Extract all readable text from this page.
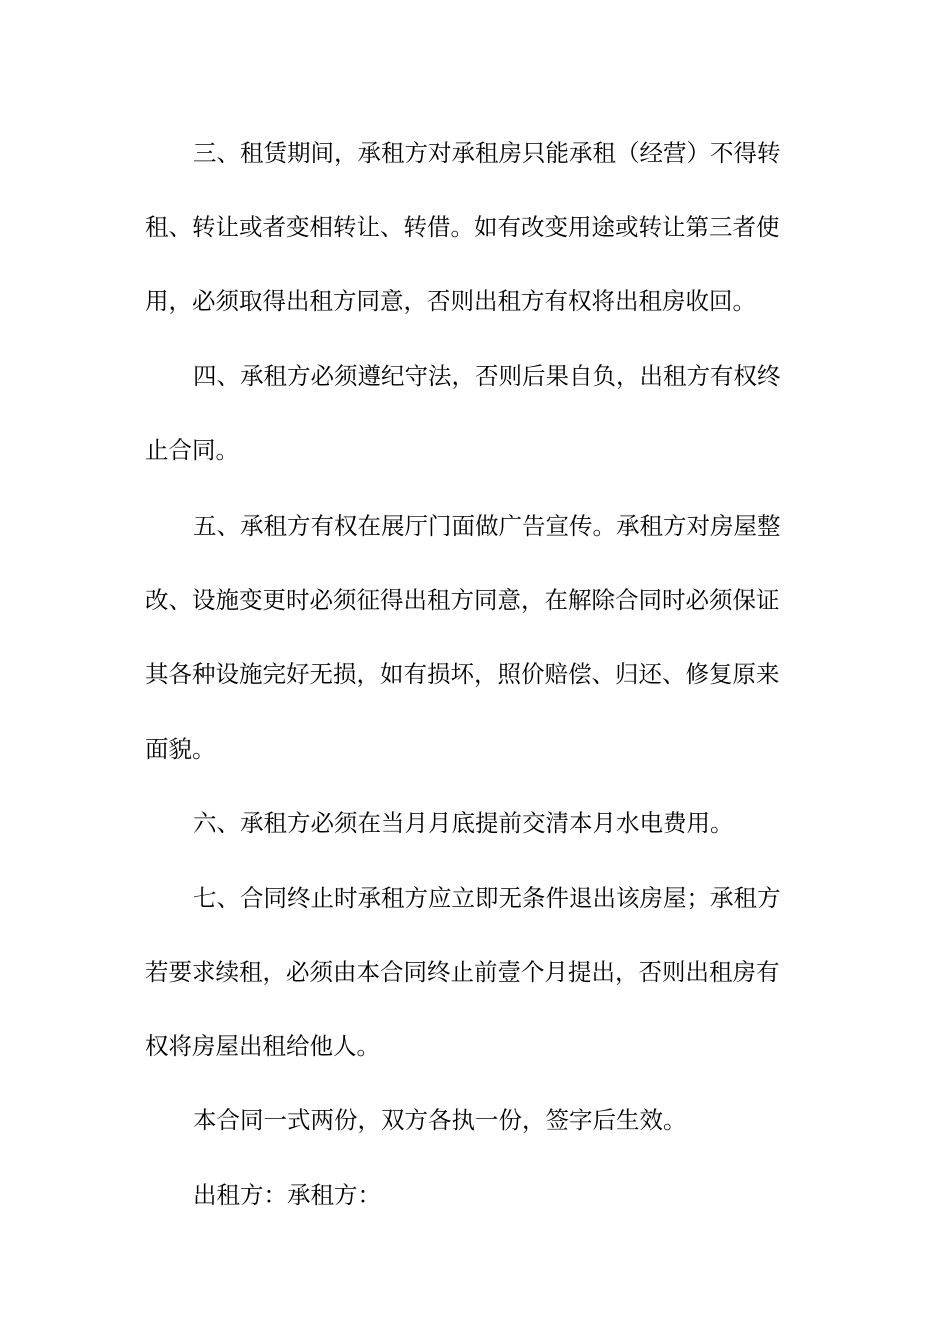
三、租赁期间，承租方对承租房只能承租（经营）不得转

租、转让或者变相转让、转借。如有改变用途或转让第三者使

用，必须取得出租方同意，否则出租方有权将出租房收回。

四、承租方必须遵纪守法，否则后果自负，出租方有权终

止合同。

五、承租方有权在展厅门面做广告宣传。承租方对房屋整

改、设施变更时必须征得出租方同意，在解除合同时必须保证

其各种设施完好无损，如有损坏，照价赔偿、归还、修复原来

面貌。

六、承租方必须在当月月底提前交清本月水电费用。

七、合同终止时承租方应立即无条件退出该房屋；承租方

若要求续租，必须由本合同终止前壹个月提出，否则出租房有

权将房屋出租给他人。

本合同一式两份，双方各执一份，签字后生效。

出租方：承租方：
